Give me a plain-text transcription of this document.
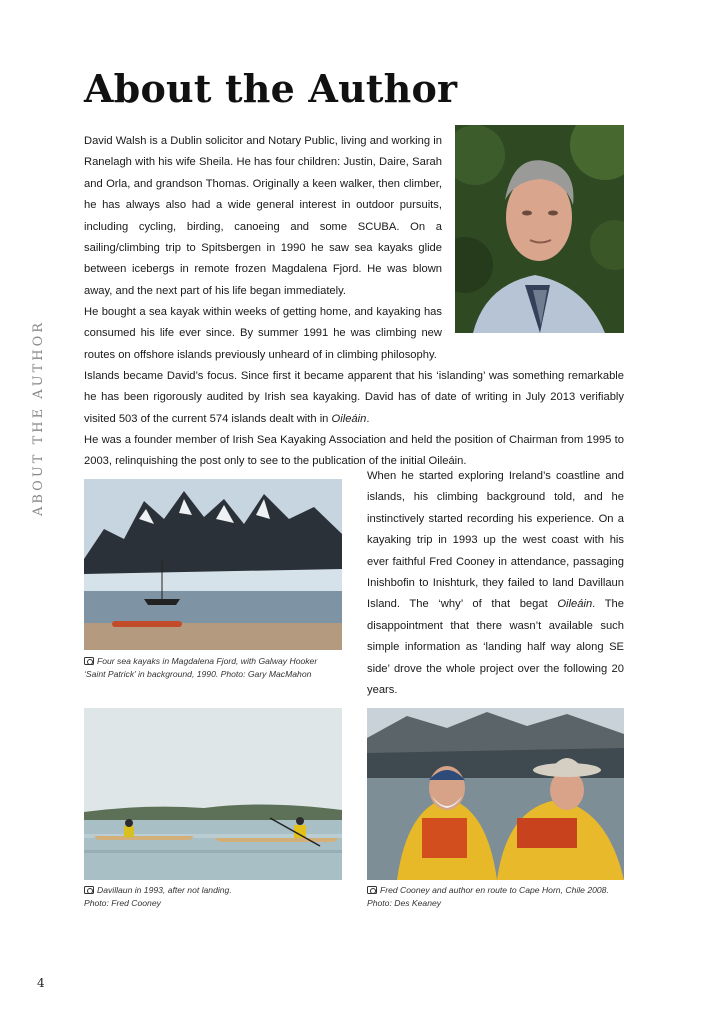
About the Author
ABOUT THE AUTHOR
David Walsh is a Dublin solicitor and Notary Public, living and working in Ranelagh with his wife Sheila. He has four children: Justin, Daire, Sarah and Orla, and grandson Thomas. Originally a keen walker, then climber, he has always also had a wide general interest in outdoor pursuits, including cycling, birding, canoeing and some SCUBA. On a sailing/climbing trip to Spitsbergen in 1990 he saw sea kayaks glide between icebergs in remote frozen Magdalena Fjord. He was blown away, and the next part of his life began immediately.
He bought a sea kayak within weeks of getting home, and kayaking has consumed his life ever since. By summer 1991 he was climbing new routes on offshore islands previously unheard of in climbing philosophy.
Islands became David’s focus. Since first it became apparent that his ‘islanding’ was something remarkable he has been rigorously audited by Irish sea kayaking. David has of date of writing in July 2013 verifiably visited 503 of the current 574 islands dealt with in Oileáin.
He was a founder member of Irish Sea Kayaking Association and held the position of Chairman from 1995 to 2003, relinquishing the post only to see to the publication of the initial Oileáin.
When he started exploring Ireland’s coastline and islands, his climbing background told, and he instinctively started recording his experience. On a kayaking trip in 1993 up the west coast with his ever faithful Fred Cooney in attendance, passaging Inishbofin to Inishturk, they failed to land Davillaun Island. The ‘why’ of that begat Oileáin. The disappointment that there wasn’t available such simple information as ‘landing half way along SE side’ drove the whole project over the following 20 years.
Four sea kayaks in Magdalena Fjord, with Galway Hooker
‘Saint Patrick’ in background, 1990. Photo: Gary MacMahon
Davillaun in 1993, after not landing.
Photo: Fred Cooney
Fred Cooney and author en route to Cape Horn, Chile 2008.
Photo: Des Keaney
4
